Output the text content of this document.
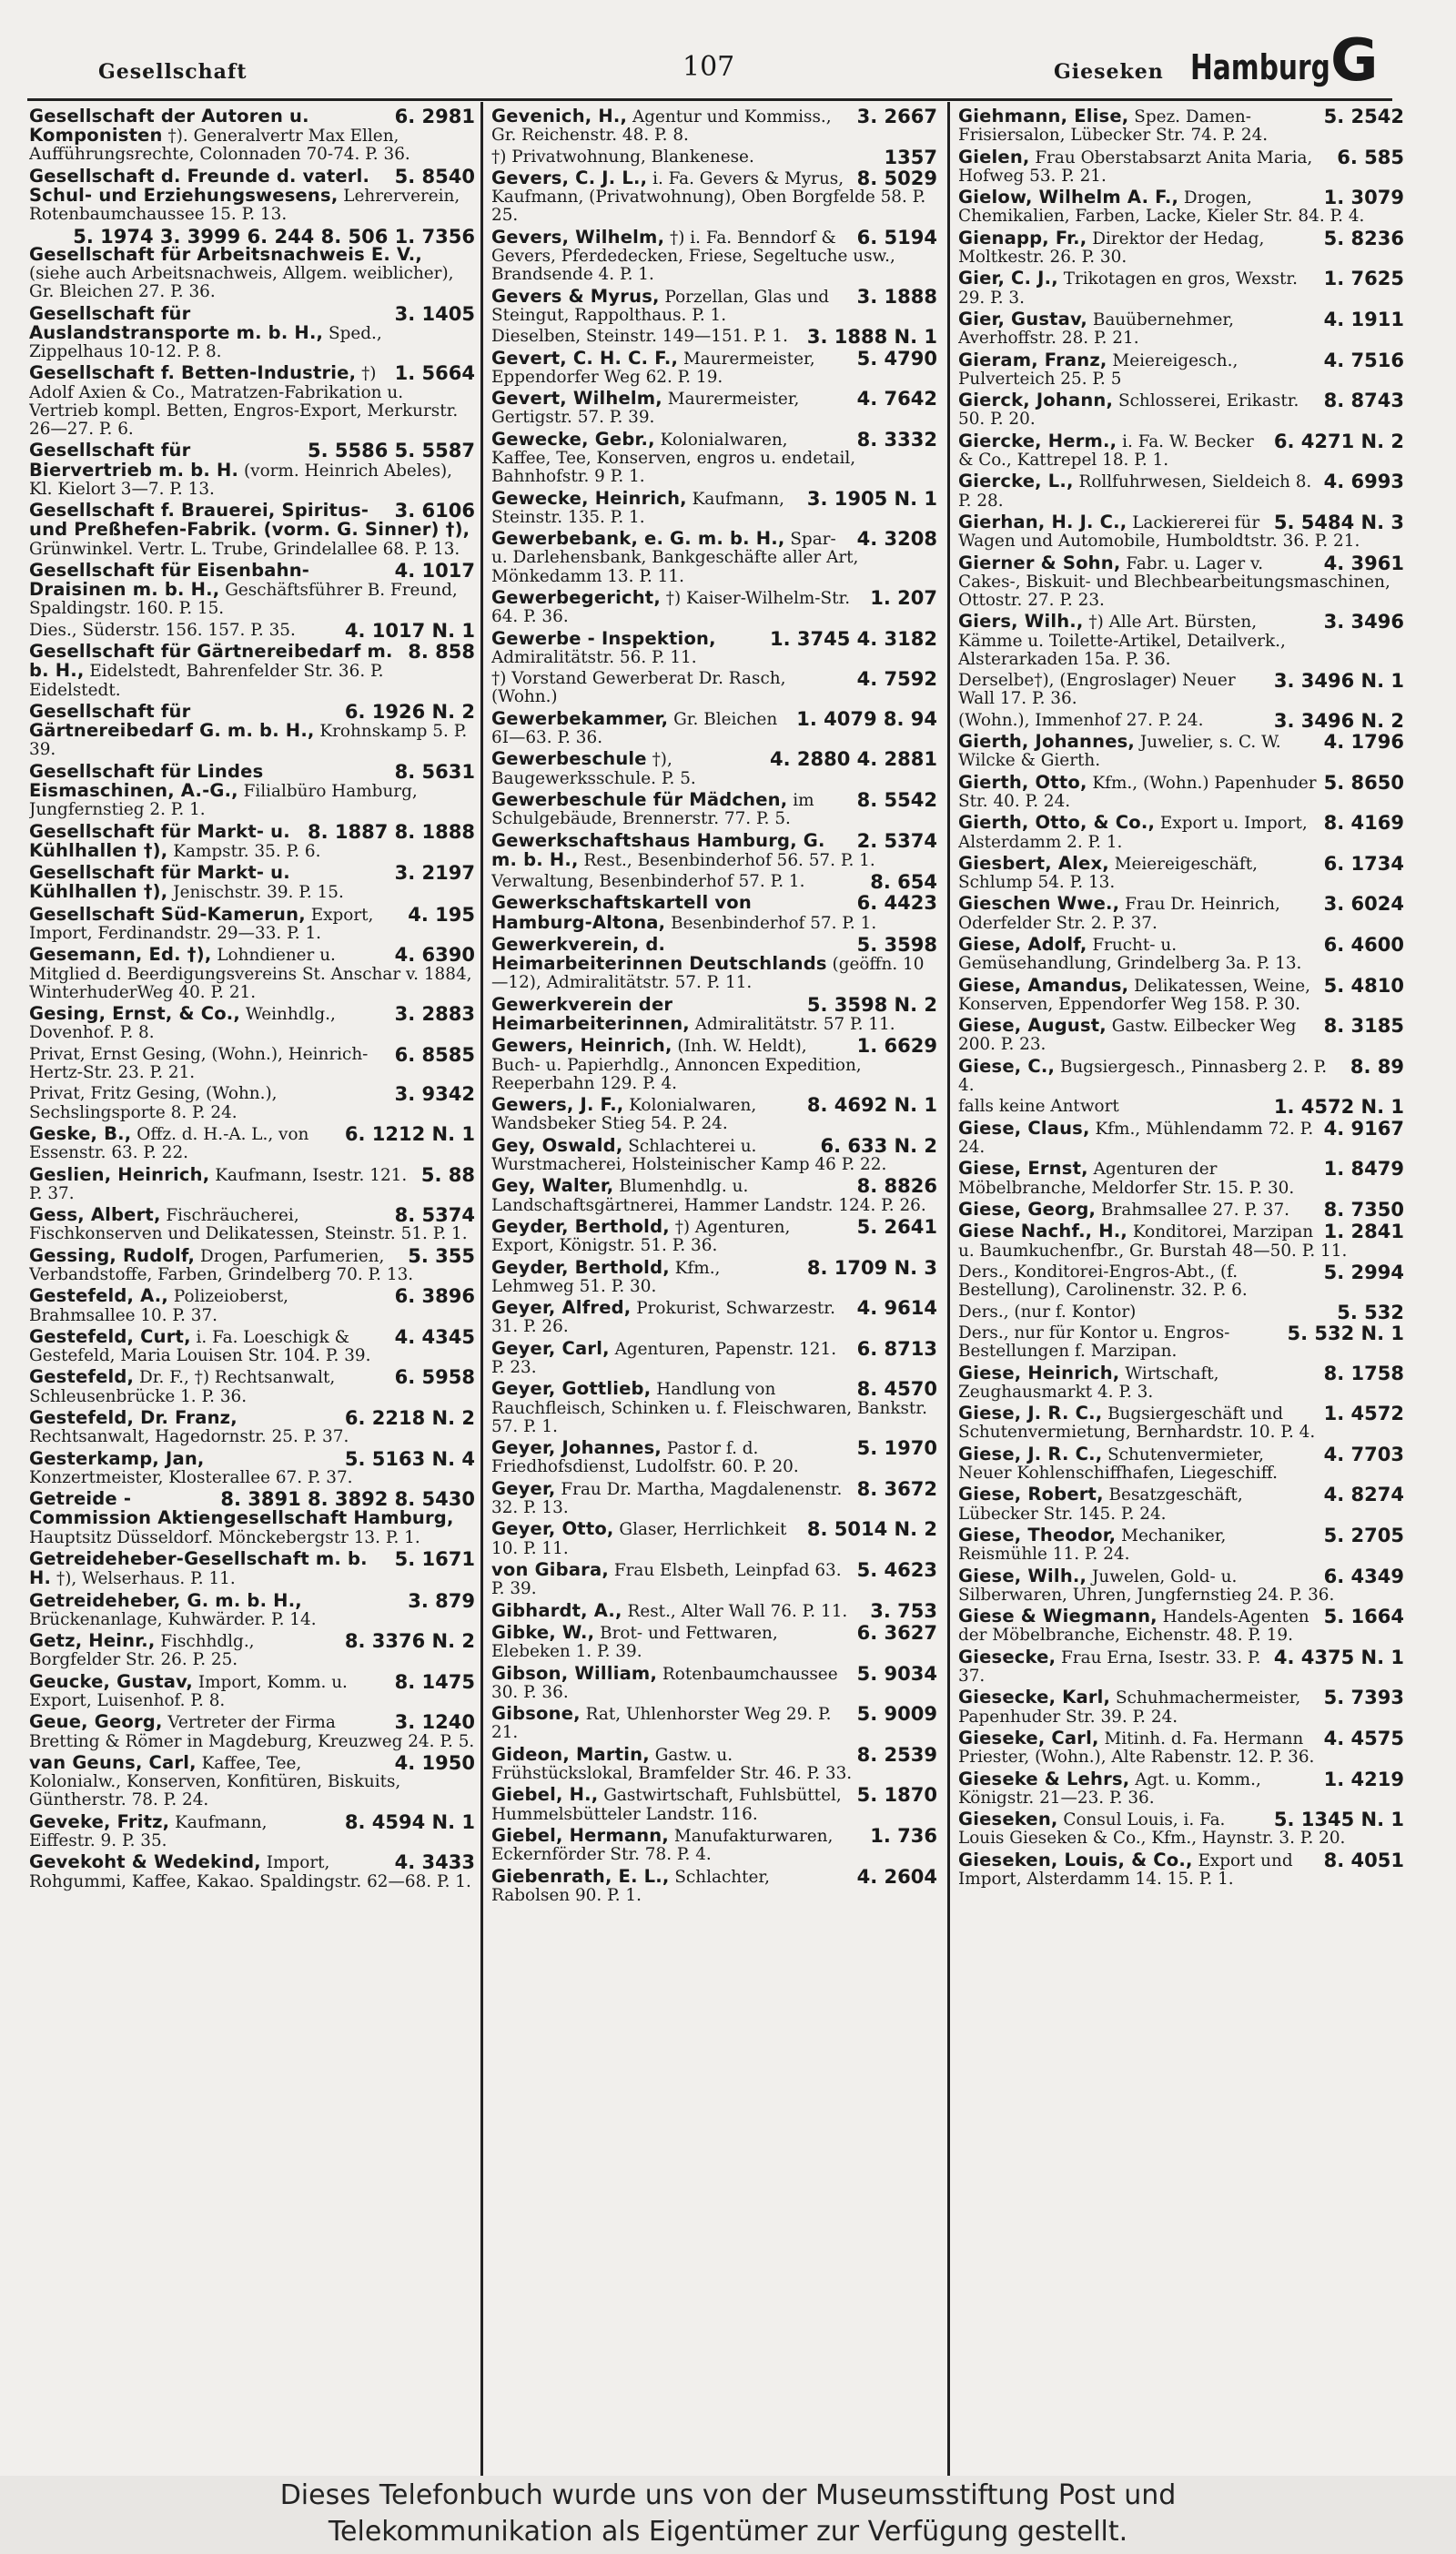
Gesellschaft	107	Gieseken Hamburg G
6. 2981
Gesellschaft der Autoren u. Komponisten †). Generalvertr Max Ellen, Aufführungsrechte, Colonnaden 70-74. P. 36.
5. 8540
Gesellschaft d. Freunde d. vaterl. Schul- und Erziehungswesens, Lehrerverein, Rotenbaumchaussee 15. P. 13.
5. 1974 3. 3999 6. 244 8. 506 1. 7356
Gesellschaft für Arbeitsnachweis E. V., (siehe auch Arbeitsnachweis, Allgem. weiblicher), Gr. Bleichen 27. P. 36.
3. 1405
Gesellschaft für Auslandstransporte m. b. H., Sped., Zippelhaus 10-12. P. 8.
1. 5664
Gesellschaft f. Betten-Industrie, †) Adolf Axien & Co., Matratzen-Fabrikation u. Vertrieb kompl. Betten, Engros-Export, Merkurstr. 26—27. P. 6.
5. 5586 5. 5587
Gesellschaft für Biervertrieb m. b. H. (vorm. Heinrich Abeles), Kl. Kielort 3—7. P. 13.
3. 6106
Gesellschaft f. Brauerei, Spiritus- und Preßhefen-Fabrik. (vorm. G. Sinner) †), Grünwinkel. Vertr. L. Trube, Grindelallee 68. P. 13.
4. 1017
Gesellschaft für Eisenbahn-Draisinen m. b. H., Geschäftsführer B. Freund, Spaldingstr. 160. P. 15.
4. 1017 N. 1
Dies., Süderstr. 156. 157. P. 35.
8. 858
Gesellschaft für Gärtnereibedarf m. b. H., Eidelstedt, Bahrenfelder Str. 36. P. Eidelstedt.
6. 1926 N. 2
Gesellschaft für Gärtnereibedarf G. m. b. H., Krohnskamp 5. P. 39.
8. 5631
Gesellschaft für Lindes Eismaschinen, A.-G., Filialbüro Hamburg, Jungfernstieg 2. P. 1.
8. 1887 8. 1888
Gesellschaft für Markt- u. Kühlhallen †), Kampstr. 35. P. 6.
3. 2197
Gesellschaft für Markt- u. Kühlhallen †), Jenischstr. 39. P. 15.
4. 195
Gesellschaft Süd-Kamerun, Export, Import, Ferdinandstr. 29—33. P. 1.
4. 6390
Gesemann, Ed. †), Lohndiener u. Mitglied d. Beerdigungsvereins St. Anschar v. 1884, WinterhuderWeg 40. P. 21.
3. 2883
Gesing, Ernst, & Co., Weinhdlg., Dovenhof. P. 8.
6. 8585
Privat, Ernst Gesing, (Wohn.), Heinrich-Hertz-Str. 23. P. 21.
3. 9342
Privat, Fritz Gesing, (Wohn.), Sechslingsporte 8. P. 24.
6. 1212 N. 1
Geske, B., Offz. d. H.-A. L., von Essenstr. 63. P. 22.
5. 88
Geslien, Heinrich, Kaufmann, Isestr. 121. P. 37.
8. 5374
Gess, Albert, Fischräucherei, Fischkonserven und Delikatessen, Steinstr. 51. P. 1.
5. 355
Gessing, Rudolf, Drogen, Parfumerien, Verbandstoffe, Farben, Grindelberg 70. P. 13.
6. 3896
Gestefeld, A., Polizeioberst, Brahmsallee 10. P. 37.
4. 4345
Gestefeld, Curt, i. Fa. Loeschigk & Gestefeld, Maria Louisen Str. 104. P. 39.
6. 5958
Gestefeld, Dr. F., †) Rechtsanwalt, Schleusenbrücke 1. P. 36.
6. 2218 N. 2
Gestefeld, Dr. Franz, Rechtsanwalt, Hagedornstr. 25. P. 37.
5. 5163 N. 4
Gesterkamp, Jan, Konzertmeister, Klosterallee 67. P. 37.
8. 3891 8. 3892 8. 5430
Getreide - Commission Aktiengesellschaft Hamburg, Hauptsitz Düsseldorf. Mönckebergstr 13. P. 1.
5. 1671
Getreideheber-Gesellschaft m. b. H. †), Welserhaus. P. 11.
3. 879
Getreideheber, G. m. b. H., Brückenanlage, Kuhwärder. P. 14.
8. 3376 N. 2
Getz, Heinr., Fischhdlg., Borgfelder Str. 26. P. 25.
8. 1475
Geucke, Gustav, Import, Komm. u. Export, Luisenhof. P. 8.
3. 1240
Geue, Georg, Vertreter der Firma Bretting & Römer in Magdeburg, Kreuzweg 24. P. 5.
4. 1950
van Geuns, Carl, Kaffee, Tee, Kolonialw., Konserven, Konfitüren, Biskuits, Güntherstr. 78. P. 24.
8. 4594 N. 1
Geveke, Fritz, Kaufmann, Eiffestr. 9. P. 35.
4. 3433
Gevekoht & Wedekind, Import, Rohgummi, Kaffee, Kakao. Spaldingstr. 62—68. P. 1.
3. 2667
Gevenich, H., Agentur und Kommiss., Gr. Reichenstr. 48. P. 8.
1357
†) Privatwohnung, Blankenese.
8. 5029
Gevers, C. J. L., i. Fa. Gevers & Myrus, Kaufmann, (Privatwohnung), Oben Borgfelde 58. P. 25.
6. 5194
Gevers, Wilhelm, †) i. Fa. Benndorf & Gevers, Pferdedecken, Friese, Segeltuche usw., Brandsende 4. P. 1.
3. 1888
Gevers & Myrus, Porzellan, Glas und Steingut, Rappolthaus. P. 1.
3. 1888 N. 1
Dieselben, Steinstr. 149—151. P. 1.
5. 4790
Gevert, C. H. C. F., Maurermeister, Eppendorfer Weg 62. P. 19.
4. 7642
Gevert, Wilhelm, Maurermeister, Gertigstr. 57. P. 39.
8. 3332
Gewecke, Gebr., Kolonialwaren, Kaffee, Tee, Konserven, engros u. endetail, Bahnhofstr. 9 P. 1.
3. 1905 N. 1
Gewecke, Heinrich, Kaufmann, Steinstr. 135. P. 1.
4. 3208
Gewerbebank, e. G. m. b. H., Spar- u. Darlehensbank, Bankgeschäfte aller Art, Mönkedamm 13. P. 11.
1. 207
Gewerbegericht, †) Kaiser-Wilhelm-Str. 64. P. 36.
1. 3745 4. 3182
Gewerbe - Inspektion, Admiralitätstr. 56. P. 11.
4. 7592
†) Vorstand Gewerberat Dr. Rasch, (Wohn.)
1. 4079 8. 94
Gewerbekammer, Gr. Bleichen 6I—63. P. 36.
4. 2880 4. 2881
Gewerbeschule †), Baugewerksschule. P. 5.
8. 5542
Gewerbeschule für Mädchen, im Schulgebäude, Brennerstr. 77. P. 5.
2. 5374
Gewerkschaftshaus Hamburg, G. m. b. H., Rest., Besenbinderhof 56. 57. P. 1.
8. 654
Verwaltung, Besenbinderhof 57. P. 1.
6. 4423
Gewerkschaftskartell von Hamburg-Altona, Besenbinderhof 57. P. 1.
5. 3598
Gewerkverein, d. Heimarbeiterinnen Deutschlands (geöffn. 10—12), Admiralitätstr. 57. P. 11.
5. 3598 N. 2
Gewerkverein der Heimarbeiterinnen, Admiralitätstr. 57 P. 11.
1. 6629
Gewers, Heinrich, (Inh. W. Heldt), Buch- u. Papierhdlg., Annoncen Expedition, Reeperbahn 129. P. 4.
8. 4692 N. 1
Gewers, J. F., Kolonialwaren, Wandsbeker Stieg 54. P. 24.
6. 633 N. 2
Gey, Oswald, Schlachterei u. Wurstmacherei, Holsteinischer Kamp 46 P. 22.
8. 8826
Gey, Walter, Blumenhdlg. u. Landschaftsgärtnerei, Hammer Landstr. 124. P. 26.
5. 2641
Geyder, Berthold, †) Agenturen, Export, Königstr. 51. P. 36.
8. 1709 N. 3
Geyder, Berthold, Kfm., Lehmweg 51. P. 30.
4. 9614
Geyer, Alfred, Prokurist, Schwarzestr. 31. P. 26.
6. 8713
Geyer, Carl, Agenturen, Papenstr. 121. P. 23.
8. 4570
Geyer, Gottlieb, Handlung von Rauchfleisch, Schinken u. f. Fleischwaren, Bankstr. 57. P. 1.
5. 1970
Geyer, Johannes, Pastor f. d. Friedhofsdienst, Ludolfstr. 60. P. 20.
8. 3672
Geyer, Frau Dr. Martha, Magdalenenstr. 32. P. 13.
8. 5014 N. 2
Geyer, Otto, Glaser, Herrlichkeit 10. P. 11.
5. 4623
von Gibara, Frau Elsbeth, Leinpfad 63. P. 39.
3. 753
Gibhardt, A., Rest., Alter Wall 76. P. 11.
6. 3627
Gibke, W., Brot- und Fettwaren, Elebeken 1. P. 39.
5. 9034
Gibson, William, Rotenbaumchaussee 30. P. 36.
5. 9009
Gibsone, Rat, Uhlenhorster Weg 29. P. 21.
8. 2539
Gideon, Martin, Gastw. u. Frühstückslokal, Bramfelder Str. 46. P. 33.
5. 1870
Giebel, H., Gastwirtschaft, Fuhlsbüttel, Hummelsbütteler Landstr. 116.
1. 736
Giebel, Hermann, Manufakturwaren, Eckernförder Str. 78. P. 4.
4. 2604
Giebenrath, E. L., Schlachter, Rabolsen 90. P. 1.
5. 2542
Giehmann, Elise, Spez. Damen-Frisiersalon, Lübecker Str. 74. P. 24.
6. 585
Gielen, Frau Oberstabsarzt Anita Maria, Hofweg 53. P. 21.
1. 3079
Gielow, Wilhelm A. F., Drogen, Chemikalien, Farben, Lacke, Kieler Str. 84. P. 4.
5. 8236
Gienapp, Fr., Direktor der Hedag, Moltkestr. 26. P. 30.
1. 7625
Gier, C. J., Trikotagen en gros, Wexstr. 29. P. 3.
4. 1911
Gier, Gustav, Bauübernehmer, Averhoffstr. 28. P. 21.
4. 7516
Gieram, Franz, Meiereigesch., Pulverteich 25. P. 5
8. 8743
Gierck, Johann, Schlosserei, Erikastr. 50. P. 20.
6. 4271 N. 2
Giercke, Herm., i. Fa. W. Becker & Co., Kattrepel 18. P. 1.
4. 6993
Giercke, L., Rollfuhrwesen, Sieldeich 8. P. 28.
5. 5484 N. 3
Gierhan, H. J. C., Lackiererei für Wagen und Automobile, Humboldtstr. 36. P. 21.
4. 3961
Gierner & Sohn, Fabr. u. Lager v. Cakes-, Biskuit- und Blechbearbeitungsmaschinen, Ottostr. 27. P. 23.
3. 3496
Giers, Wilh., †) Alle Art. Bürsten, Kämme u. Toilette-Artikel, Detailverk., Alsterarkaden 15a. P. 36.
3. 3496 N. 1
Derselbe†), (Engroslager) Neuer Wall 17. P. 36.
3. 3496 N. 2
(Wohn.), Immenhof 27. P. 24.
4. 1796
Gierth, Johannes, Juwelier, s. C. W. Wilcke & Gierth.
5. 8650
Gierth, Otto, Kfm., (Wohn.) Papenhuder Str. 40. P. 24.
8. 4169
Gierth, Otto, & Co., Export u. Import, Alsterdamm 2. P. 1.
6. 1734
Giesbert, Alex, Meiereigeschäft, Schlump 54. P. 13.
3. 6024
Gieschen Wwe., Frau Dr. Heinrich, Oderfelder Str. 2. P. 37.
6. 4600
Giese, Adolf, Frucht- u. Gemüsehandlung, Grindelberg 3a. P. 13.
5. 4810
Giese, Amandus, Delikatessen, Weine, Konserven, Eppendorfer Weg 158. P. 30.
8. 3185
Giese, August, Gastw. Eilbecker Weg 200. P. 23.
8. 89
Giese, C., Bugsiergesch., Pinnasberg 2. P. 4.
1. 4572 N. 1
falls keine Antwort
4. 9167
Giese, Claus, Kfm., Mühlendamm 72. P. 24.
1. 8479
Giese, Ernst, Agenturen der Möbelbranche, Meldorfer Str. 15. P. 30.
8. 7350
Giese, Georg, Brahmsallee 27. P. 37.
1. 2841
Giese Nachf., H., Konditorei, Marzipan u. Baumkuchenfbr., Gr. Burstah 48—50. P. 11.
5. 2994
Ders., Konditorei-Engros-Abt., (f. Bestellung), Carolinenstr. 32. P. 6.
5. 532
Ders., (nur f. Kontor)
5. 532 N. 1
Ders., nur für Kontor u. Engros-Bestellungen f. Marzipan.
8. 1758
Giese, Heinrich, Wirtschaft, Zeughausmarkt 4. P. 3.
1. 4572
Giese, J. R. C., Bugsiergeschäft und Schutenvermietung, Bernhardstr. 10. P. 4.
4. 7703
Giese, J. R. C., Schutenvermieter, Neuer Kohlenschiffhafen, Liegeschiff.
4. 8274
Giese, Robert, Besatzgeschäft, Lübecker Str. 145. P. 24.
5. 2705
Giese, Theodor, Mechaniker, Reismühle 11. P. 24.
6. 4349
Giese, Wilh., Juwelen, Gold- u. Silberwaren, Uhren, Jungfernstieg 24. P. 36.
5. 1664
Giese & Wiegmann, Handels-Agenten der Möbelbranche, Eichenstr. 48. P. 19.
4. 4375 N. 1
Giesecke, Frau Erna, Isestr. 33. P. 37.
5. 7393
Giesecke, Karl, Schuhmachermeister, Papenhuder Str. 39. P. 24.
4. 4575
Gieseke, Carl, Mitinh. d. Fa. Hermann Priester, (Wohn.), Alte Rabenstr. 12. P. 36.
1. 4219
Gieseke & Lehrs, Agt. u. Komm., Königstr. 21—23. P. 36.
5. 1345 N. 1
Gieseken, Consul Louis, i. Fa. Louis Gieseken & Co., Kfm., Haynstr. 3. P. 20.
8. 4051
Gieseken, Louis, & Co., Export und Import, Alsterdamm 14. 15. P. 1.
Dieses Telefonbuch wurde uns von der Museumsstiftung Post und
Telekommunikation als Eigentümer zur Verfügung gestellt.
